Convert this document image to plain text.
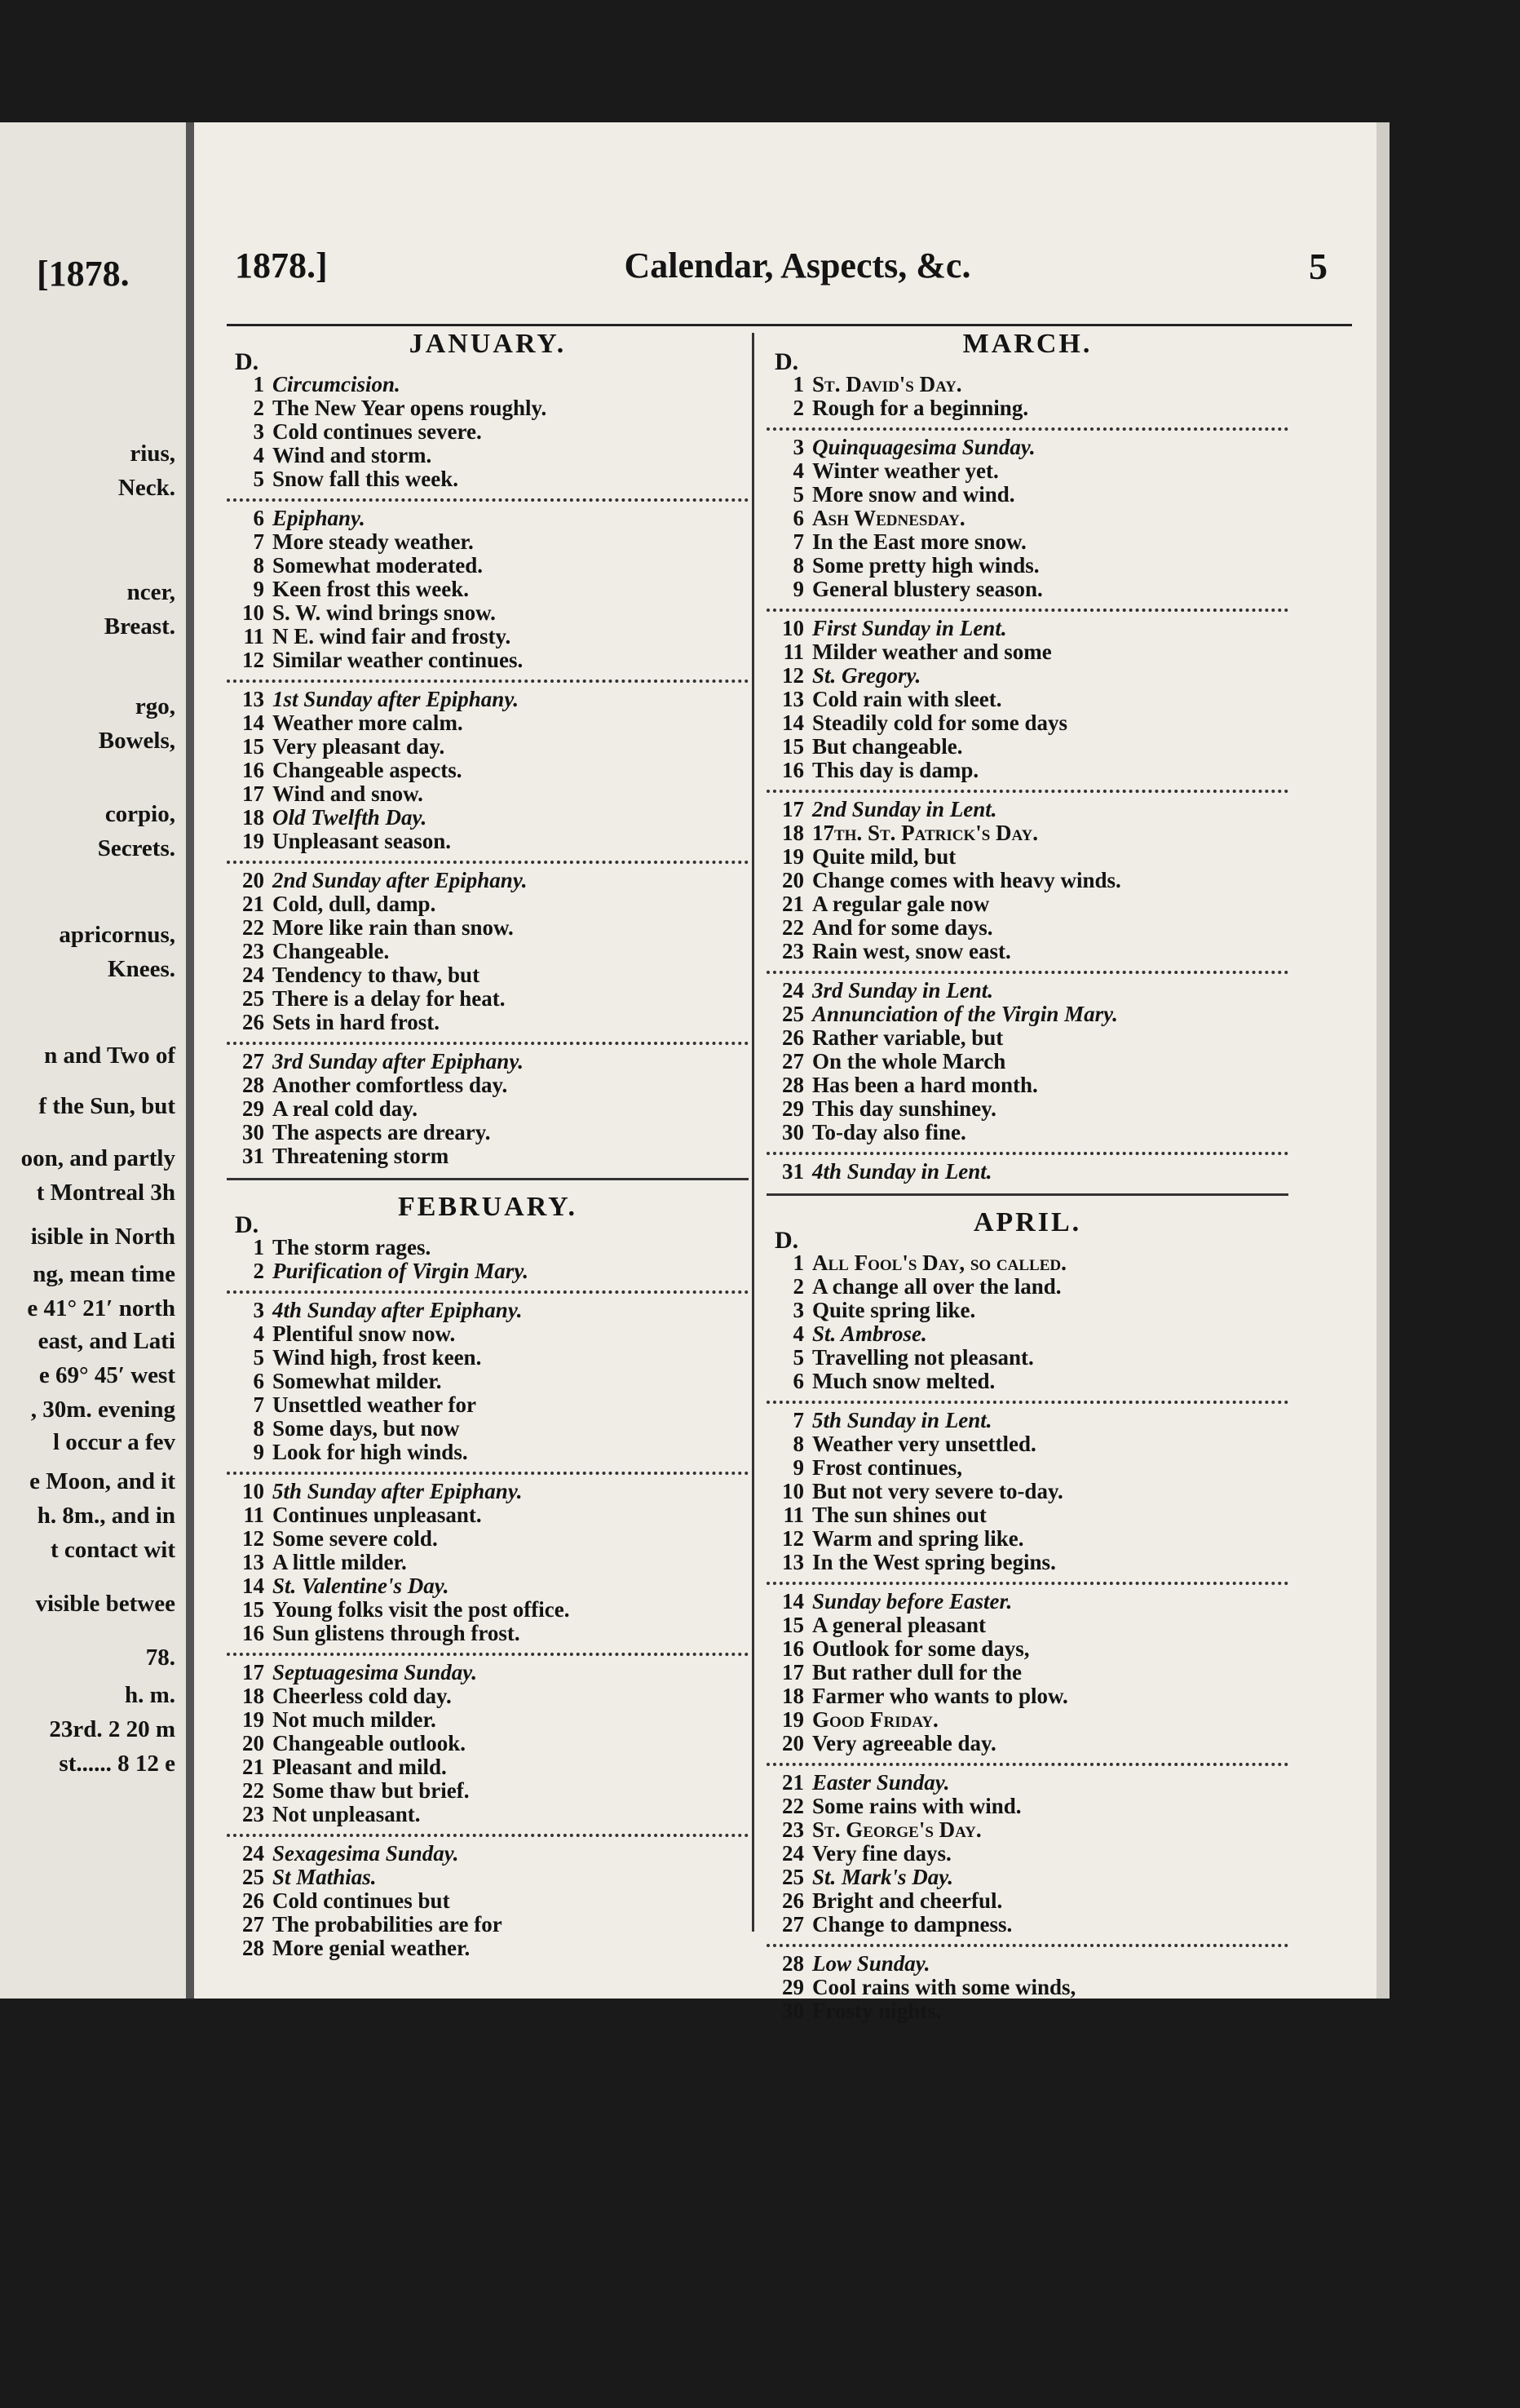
[1878.
rius,
Neck.
ncer,
Breast.
rgo,
Bowels,
corpio,
Secrets.
apricornus,
Knees.
n and Two of
f the Sun, but
oon, and partly
t Montreal 3h
isible in North
ng, mean time
e 41° 21′ north
east, and Lati
e 69° 45′ west
, 30m. evening
l occur a fev
e Moon, and it
h. 8m., and in
t contact wit
visible betwee
78.
h. m.
23rd. 2 20 m
st...... 8 12 e
1878.]	Calendar, Aspects, &c.	5
JANUARY.
D.
1 Circumcision.
2 The New Year opens roughly.
3 Cold continues severe.
4 Wind and storm.
5 Snow fall this week.
6 Epiphany.
7 More steady weather.
8 Somewhat moderated.
9 Keen frost this week.
10 S. W. wind brings snow.
11 N E. wind fair and frosty.
12 Similar weather continues.
13 1st Sunday after Epiphany.
14 Weather more calm.
15 Very pleasant day.
16 Changeable aspects.
17 Wind and snow.
18 Old Twelfth Day.
19 Unpleasant season.
20 2nd Sunday after Epiphany.
21 Cold, dull, damp.
22 More like rain than snow.
23 Changeable.
24 Tendency to thaw, but
25 There is a delay for heat.
26 Sets in hard frost.
27 3rd Sunday after Epiphany.
28 Another comfortless day.
29 A real cold day.
30 The aspects are dreary.
31 Threatening storm
FEBRUARY.
D.
1 The storm rages.
2 Purification of Virgin Mary.
3 4th Sunday after Epiphany.
4 Plentiful snow now.
5 Wind high, frost keen.
6 Somewhat milder.
7 Unsettled weather for
8 Some days, but now
9 Look for high winds.
10 5th Sunday after Epiphany.
11 Continues unpleasant.
12 Some severe cold.
13 A little milder.
14 St. Valentine's Day.
15 Young folks visit the post office.
16 Sun glistens through frost.
17 Septuagesima Sunday.
18 Cheerless cold day.
19 Not much milder.
20 Changeable outlook.
21 Pleasant and mild.
22 Some thaw but brief.
23 Not unpleasant.
24 Sexagesima Sunday.
25 St Mathias.
26 Cold continues but
27 The probabilities are for
28 More genial weather.
MARCH.
D.
1 St. David's Day.
2 Rough for a beginning.
3 Quinquagesima Sunday.
4 Winter weather yet.
5 More snow and wind.
6 Ash Wednesday.
7 In the East more snow.
8 Some pretty high winds.
9 General blustery season.
10 First Sunday in Lent.
11 Milder weather and some
12 St. Gregory.
13 Cold rain with sleet.
14 Steadily cold for some days
15 But changeable.
16 This day is damp.
17 2nd Sunday in Lent.
18 17th. St. Patrick's Day.
19 Quite mild, but
20 Change comes with heavy winds.
21 A regular gale now
22 And for some days.
23 Rain west, snow east.
24 3rd Sunday in Lent.
25 Annunciation of the Virgin Mary.
26 Rather variable, but
27 On the whole March
28 Has been a hard month.
29 This day sunshiney.
30 To-day also fine.
31 4th Sunday in Lent.
APRIL.
D.
1 All Fool's Day, so called.
2 A change all over the land.
3 Quite spring like.
4 St. Ambrose.
5 Travelling not pleasant.
6 Much snow melted.
7 5th Sunday in Lent.
8 Weather very unsettled.
9 Frost continues,
10 But not very severe to-day.
11 The sun shines out
12 Warm and spring like.
13 In the West spring begins.
14 Sunday before Easter.
15 A general pleasant
16 Outlook for some days,
17 But rather dull for the
18 Farmer who wants to plow.
19 Good Friday.
20 Very agreeable day.
21 Easter Sunday.
22 Some rains with wind.
23 St. George's Day.
24 Very fine days.
25 St. Mark's Day.
26 Bright and cheerful.
27 Change to dampness.
28 Low Sunday.
29 Cool rains with some winds,
30 Frosty nights.
